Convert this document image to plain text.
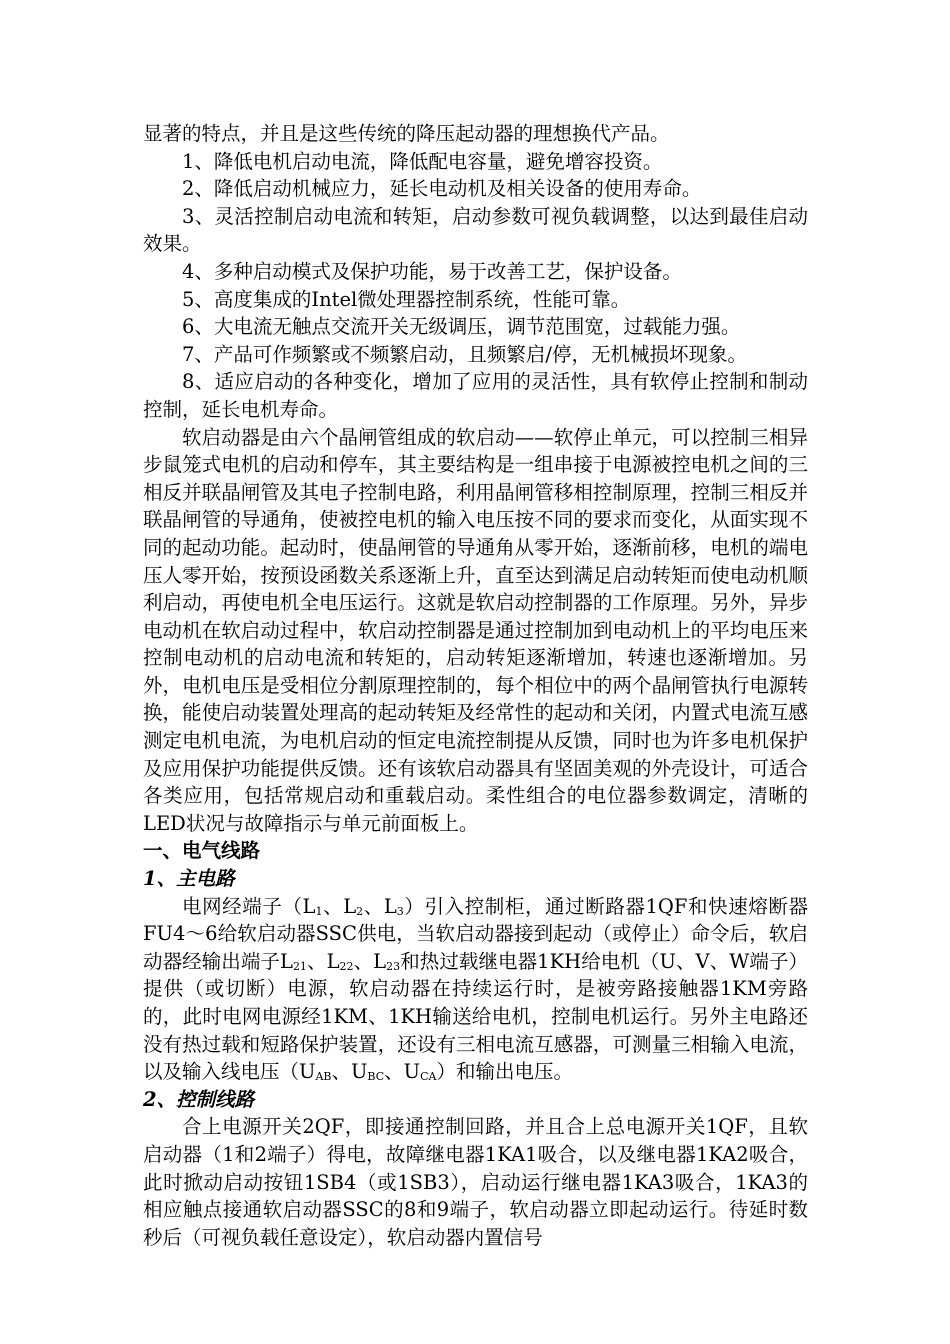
显著的特点，并且是这些传统的降压起动器的理想换代产品。

1、降低电机启动电流，降低配电容量，避免增容投资。

2、降低启动机械应力，延长电动机及相关设备的使用寿命。

3、灵活控制启动电流和转矩，启动参数可视负载调整，以达到最佳启动效果。

4、多种启动模式及保护功能，易于改善工艺，保护设备。

5、高度集成的Intel微处理器控制系统，性能可靠。

6、大电流无触点交流开关无级调压，调节范围宽，过载能力强。

7、产品可作频繁或不频繁启动，且频繁启/停，无机械损坏现象。

8、适应启动的各种变化，增加了应用的灵活性，具有软停止控制和制动控制，延长电机寿命。

软启动器是由六个晶闸管组成的软启动——软停止单元，可以控制三相异步鼠笼式电机的启动和停车，其主要结构是一组串接于电源被控电机之间的三相反并联晶闸管及其电子控制电路，利用晶闸管移相控制原理，控制三相反并联晶闸管的导通角，使被控电机的输入电压按不同的要求而变化，从面实现不同的起动功能。起动时，使晶闸管的导通角从零开始，逐渐前移，电机的端电压人零开始，按预设函数关系逐渐上升，直至达到满足启动转矩而使电动机顺利启动，再使电机全电压运行。这就是软启动控制器的工作原理。另外，异步电动机在软启动过程中，软启动控制器是通过控制加到电动机上的平均电压来控制电动机的启动电流和转矩的，启动转矩逐渐增加，转速也逐渐增加。另外，电机电压是受相位分割原理控制的，每个相位中的两个晶闸管执行电源转换，能使启动装置处理高的起动转矩及经常性的起动和关闭，内置式电流互感测定电机电流，为电机启动的恒定电流控制提从反馈，同时也为许多电机保护及应用保护功能提供反馈。还有该软启动器具有坚固美观的外壳设计，可适合各类应用，包括常规启动和重载启动。柔性组合的电位器参数调定，清晰的LED状况与故障指示与单元前面板上。

一、电气线路

1、主电路

电网经端子（$L_1$、$L_2$、$L_3$）引入控制柜，通过断路器1QF和快速熔断器FU4～6给软启动器SSC供电，当软启动器接到起动（或停止）命令后，软启动器经输出端子$L_{21}$、$L_{22}$、$L_{23}$和热过载继电器1KH给电机（U、V、W端子）提供（或切断）电源，软启动器在持续运行时，是被旁路接触器1KM旁路的，此时电网电源经1KM、1KH输送给电机，控制电机运行。另外主电路还没有热过载和短路保护装置，还设有三相电流互感器，可测量三相输入电流，以及输入线电压（$U_{AB}$、$U_{BC}$、$U_{CA}$）和输出电压。

2、控制线路

合上电源开关2QF，即接通控制回路，并且合上总电源开关1QF，且软启动器（1和2端子）得电，故障继电器1KA1吸合，以及继电器1KA2吸合，此时掀动启动按钮1SB4（或1SB3），启动运行继电器1KA3吸合，1KA3的相应触点接通软启动器SSC的8和9端子，软启动器立即起动运行。待延时数秒后（可视负载任意设定），软启动器内置信号
